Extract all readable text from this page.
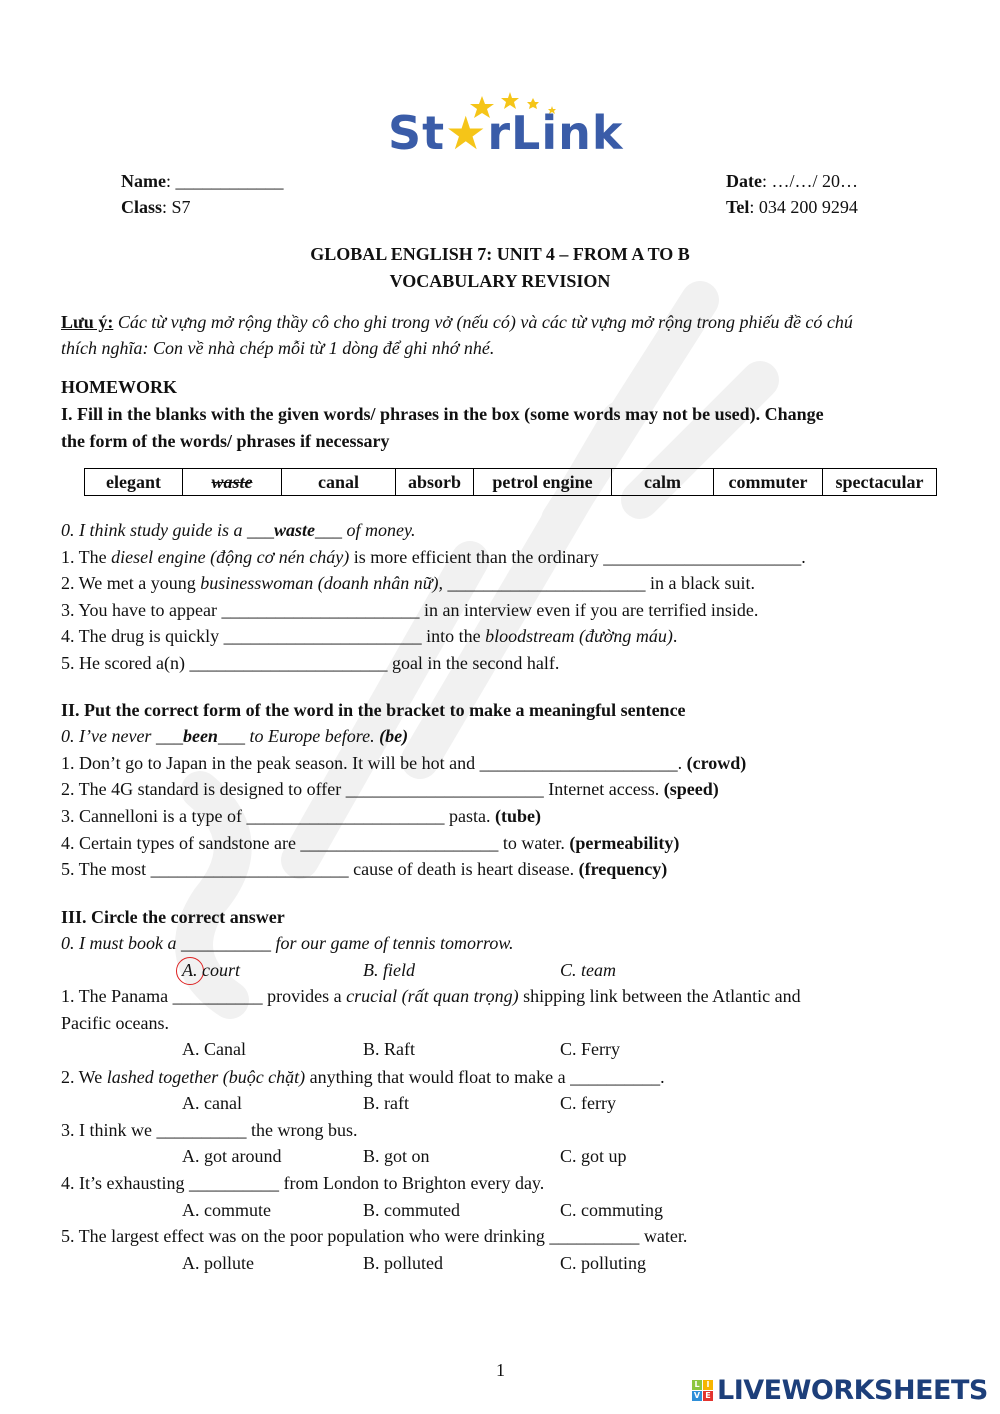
St★rLink
Name: ____________
Class: S7
Date: …/…/ 20…
Tel: 034 200 9294
GLOBAL ENGLISH 7: UNIT 4 – FROM A TO B
VOCABULARY REVISION
Lưu ý: Các từ vựng mở rộng thầy cô cho ghi trong vở (nếu có) và các từ vựng mở rộng trong phiếu đề có chú
thích nghĩa: Con về nhà chép mỗi từ 1 dòng để ghi nhớ nhé.
HOMEWORK
I. Fill in the blanks with the given words/ phrases in the box (some words may not be used). Change
the form of the words/ phrases if necessary
elegant	waste	canal	absorb	petrol engine	calm	commuter	spectacular
0. I think study guide is a ___waste___ of money.
1. The diesel engine (động cơ nén cháy) is more efficient than the ordinary ______________________.
2. We met a young businesswoman (doanh nhân nữ), ______________________ in a black suit.
3. You have to appear ______________________ in an interview even if you are terrified inside.
4. The drug is quickly ______________________ into the bloodstream (đường máu).
5. He scored a(n) ______________________ goal in the second half.
II. Put the correct form of the word in the bracket to make a meaningful sentence
0. I’ve never ___been___ to Europe before. (be)
1. Don’t go to Japan in the peak season. It will be hot and ______________________. (crowd)
2. The 4G standard is designed to offer ______________________ Internet access. (speed)
3. Cannelloni is a type of ______________________ pasta. (tube)
4. Certain types of sandstone are ______________________ to water. (permeability)
5. The most ______________________ cause of death is heart disease. (frequency)
III. Circle the correct answer
0. I must book a __________ for our game of tennis tomorrow.
A. court	B. field	C. team
1. The Panama __________ provides a crucial (rất quan trọng) shipping link between the Atlantic and
Pacific oceans.
A. Canal	B. Raft	C. Ferry
2. We lashed together (buộc chặt) anything that would float to make a __________.
A. canal	B. raft	C. ferry
3. I think we __________ the wrong bus.
A. got around	B. got on	C. got up
4. It’s exhausting __________ from London to Brighton every day.
A. commute	B. commuted	C. commuting
5. The largest effect was on the poor population who were drinking __________ water.
A. pollute	B. polluted	C. polluting
1
L I
V E LIVEWORKSHEETS
